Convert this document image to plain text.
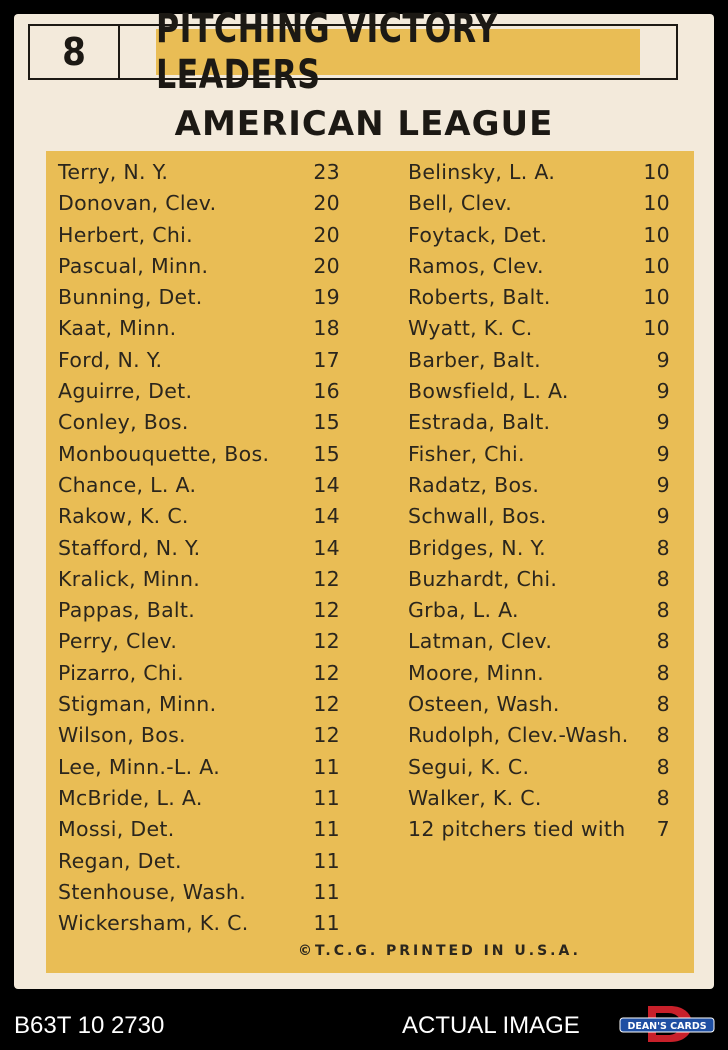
8	PITCHING VICTORY LEADERS
AMERICAN LEAGUE
Terry, N. Y.	23
Donovan, Clev.	20
Herbert, Chi.	20
Pascual, Minn.	20
Bunning, Det.	19
Kaat, Minn.	18
Ford, N. Y.	17
Aguirre, Det.	16
Conley, Bos.	15
Monbouquette, Bos. 15
Chance, L. A.	14
Rakow, K. C.	14
Stafford, N. Y.	14
Kralick, Minn.	12
Pappas, Balt.	12
Perry, Clev.	12
Pizarro, Chi.	12
Stigman, Minn.	12
Wilson, Bos.	12
Lee, Minn.-L. A.	11
McBride, L. A.	11
Mossi, Det.	11
Regan, Det.	11
Stenhouse, Wash.	11
Wickersham, K. C.	11
Belinsky, L. A.	10
Bell, Clev.	10
Foytack, Det.	10
Ramos, Clev.	10
Roberts, Balt.	10
Wyatt, K. C.	10
Barber, Balt.	9
Bowsfield, L. A.	9
Estrada, Balt.	9
Fisher, Chi.	9
Radatz, Bos.	9
Schwall, Bos.	9
Bridges, N. Y.	8
Buzhardt, Chi.	8
Grba, L. A.	8
Latman, Clev.	8
Moore, Minn.	8
Osteen, Wash.	8
Rudolph, Clev.-Wash. 8
Segui, K. C.	8
Walker, K. C.	8
12 pitchers tied with 7
©T.C.G. PRINTED IN U.S.A.
B63T 10 2730	ACTUAL IMAGE	DEAN'S CARDS
